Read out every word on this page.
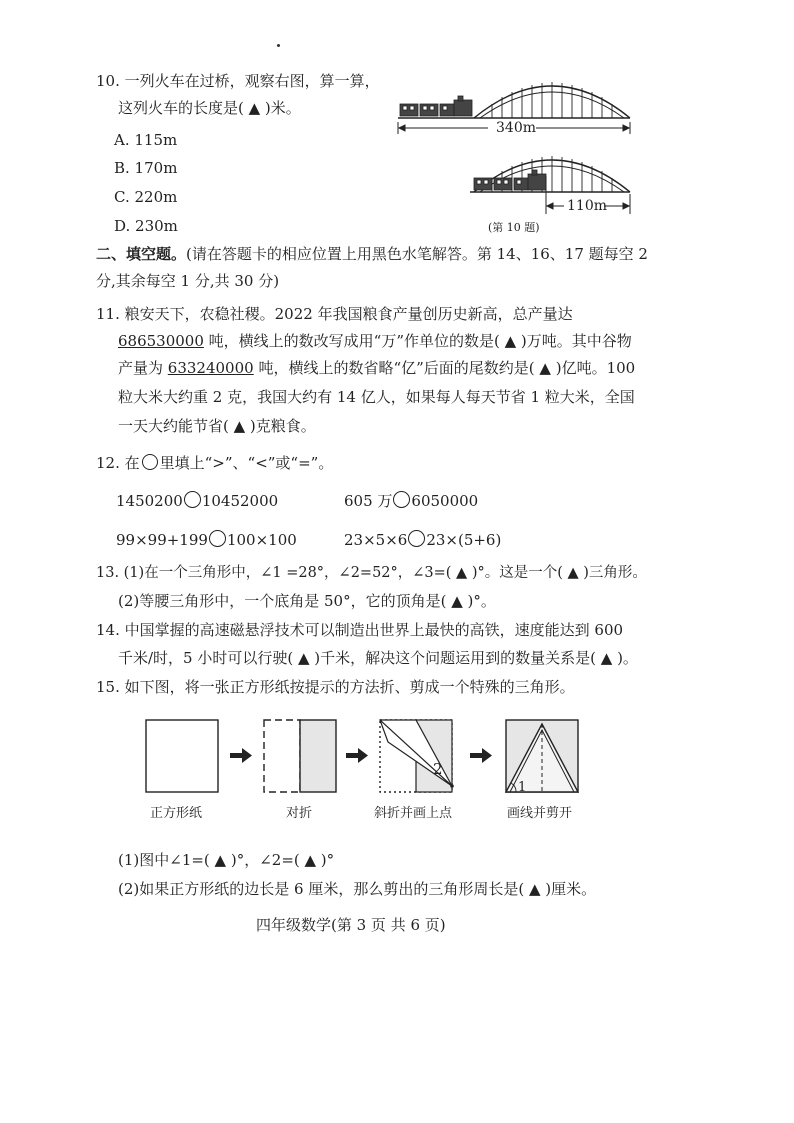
10. 一列火车在过桥，观察右图，算一算，
这列火车的长度是( ▲ )米。
A. 115m
B. 170m
C. 220m
D. 230m
340m
110m
(第 10 题)
二、填空题。(请在答题卡的相应位置上用黑色水笔解答。第 14、16、17 题每空 2
分,其余每空 1 分,共 30 分)
11. 粮安天下，农稳社稷。2022 年我国粮食产量创历史新高，总产量达
686530000 吨，横线上的数改写成用“万”作单位的数是( ▲ )万吨。其中谷物
产量为 633240000 吨，横线上的数省略“亿”后面的尾数约是( ▲ )亿吨。100
粒大米大约重 2 克，我国大约有 14 亿人，如果每人每天节省 1 粒大米，全国
一天大约能节省( ▲ )克粮食。
12. 在 里填上“>”、“<”或“=”。
1450200 10452000	605 万 6050000
99×99+199 100×100	23×5×6 23×(5+6)
13. (1)在一个三角形中，∠1 =28°，∠2=52°，∠3=( ▲ )°。这是一个( ▲ )三角形。
(2)等腰三角形中，一个底角是 50°，它的顶角是( ▲ )°。
14. 中国掌握的高速磁悬浮技术可以制造出世界上最快的高铁，速度能达到 600
千米/时，5 小时可以行驶( ▲ )千米，解决这个问题运用到的数量关系是( ▲ )。
15. 如下图，将一张正方形纸按提示的方法折、剪成一个特殊的三角形。
2
1
正方形纸	对折	斜折并画上点	画线并剪开
(1)图中∠1=( ▲ )°，∠2=( ▲ )°
(2)如果正方形纸的边长是 6 厘米，那么剪出的三角形周长是( ▲ )厘米。
四年级数学(第 3 页 共 6 页)
